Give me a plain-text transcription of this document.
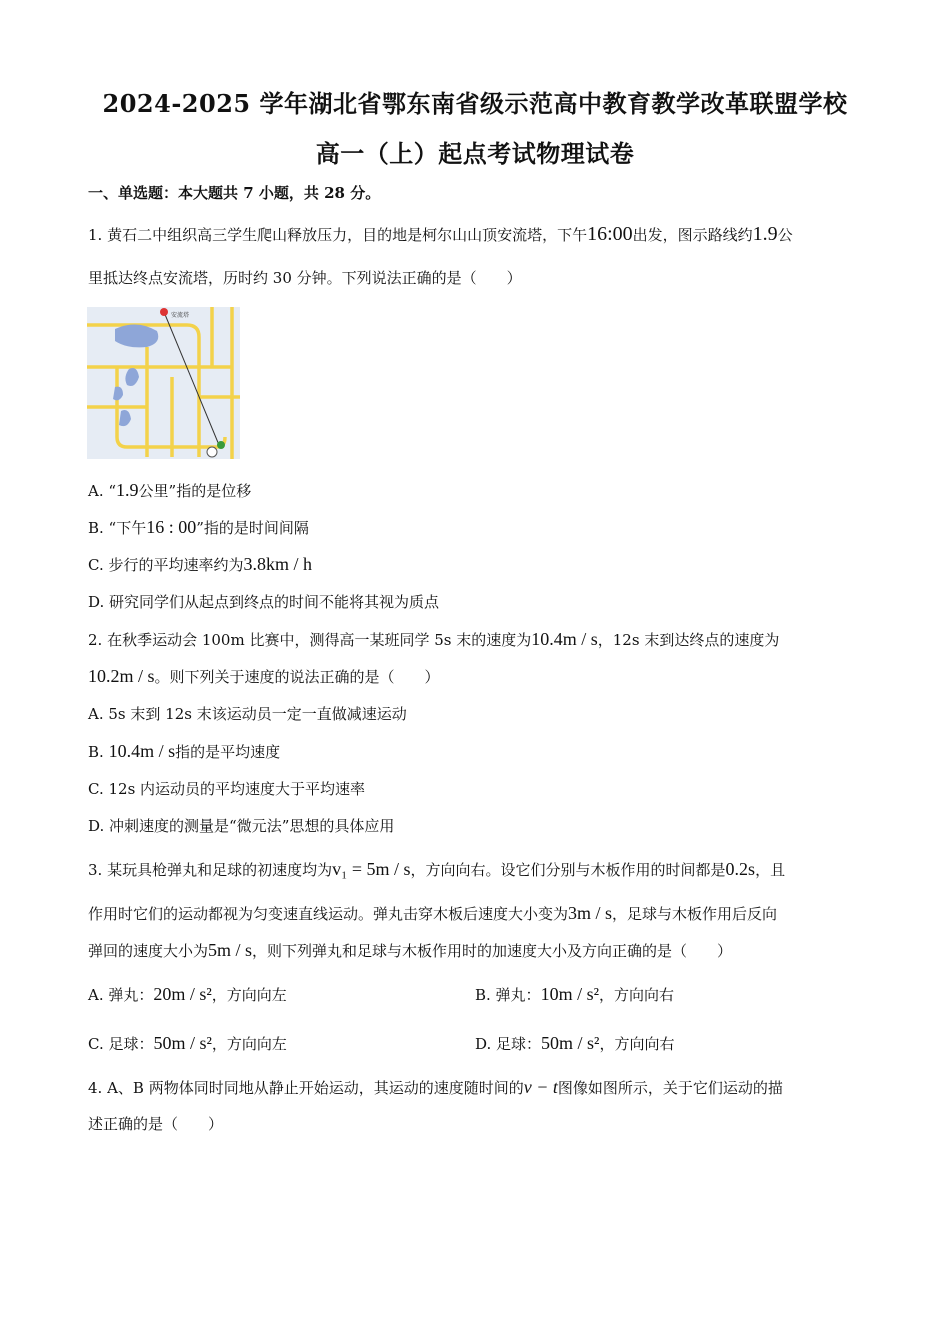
2024-2025 学年湖北省鄂东南省级示范高中教育教学改革联盟学校
高一（上）起点考试物理试卷
一、单选题：本大题共 7 小题，共 28 分。
1. 黄石二中组织高三学生爬山释放压力，目的地是柯尔山山顶安流塔，下午16:00出发，图示路线约1.9公
里抵达终点安流塔，历时约 30 分钟。下列说法正确的是（　　）
安流塔
A. “1.9公里”指的是位移
B. “下午16 : 00”指的是时间间隔
C. 步行的平均速率约为3.8km / h
D. 研究同学们从起点到终点的时间不能将其视为质点
2. 在秋季运动会 100m 比赛中，测得高一某班同学 5s 末的速度为10.4m / s，12s 末到达终点的速度为
10.2m / s。则下列关于速度的说法正确的是（　　）
A. 5s 末到 12s 末该运动员一定一直做减速运动
B. 10.4m / s指的是平均速度
C. 12s 内运动员的平均速度大于平均速率
D. 冲刺速度的测量是“微元法”思想的具体应用
3. 某玩具枪弹丸和足球的初速度均为v₁ = 5m / s，方向向右。设它们分别与木板作用的时间都是0.2s，且
作用时它们的运动都视为匀变速直线运动。弹丸击穿木板后速度大小变为3m / s，足球与木板作用后反向
弹回的速度大小为5m / s，则下列弹丸和足球与木板作用时的加速度大小及方向正确的是（　　）
A. 弹丸：20m / s²，方向向左	B. 弹丸：10m / s²，方向向右
C. 足球：50m / s²，方向向左	D. 足球：50m / s²，方向向右
4. A、B 两物体同时同地从静止开始运动，其运动的速度随时间的v − t图像如图所示，关于它们运动的描
述正确的是（　　）
